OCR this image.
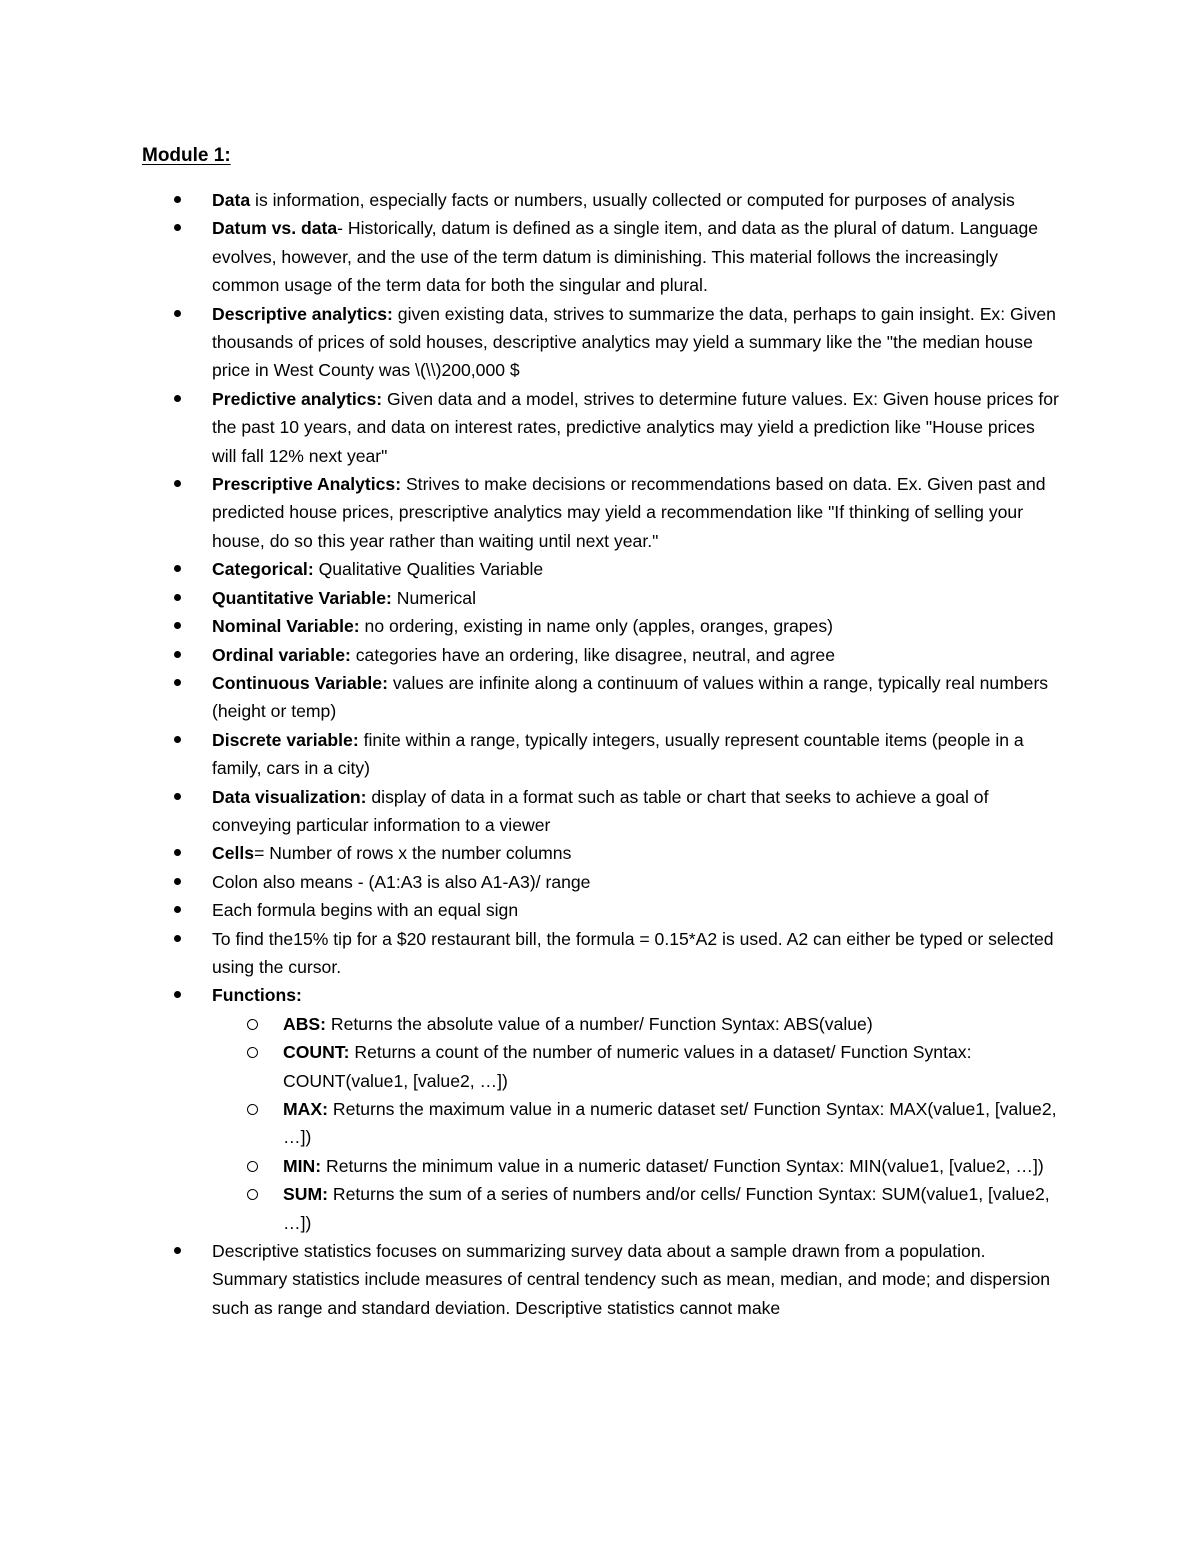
Module 1:
Data is information, especially facts or numbers, usually collected or computed for purposes of analysis
Datum vs. data- Historically, datum is defined as a single item, and data as the plural of datum. Language evolves, however, and the use of the term datum is diminishing. This material follows the increasingly common usage of the term data for both the singular and plural.
Descriptive analytics: given existing data, strives to summarize the data, perhaps to gain insight. Ex: Given thousands of prices of sold houses, descriptive analytics may yield a summary like the "the median house price in West County was \(\\)200,000 $
Predictive analytics: Given data and a model, strives to determine future values. Ex: Given house prices for the past 10 years, and data on interest rates, predictive analytics may yield a prediction like "House prices will fall 12% next year"
Prescriptive Analytics: Strives to make decisions or recommendations based on data. Ex. Given past and predicted house prices, prescriptive analytics may yield a recommendation like "If thinking of selling your house, do so this year rather than waiting until next year."
Categorical: Qualitative Qualities Variable
Quantitative Variable: Numerical
Nominal Variable: no ordering, existing in name only (apples, oranges, grapes)
Ordinal variable: categories have an ordering, like disagree, neutral, and agree
Continuous Variable: values are infinite along a continuum of values within a range, typically real numbers (height or temp)
Discrete variable: finite within a range, typically integers, usually represent countable items (people in a family, cars in a city)
Data visualization: display of data in a format such as table or chart that seeks to achieve a goal of conveying particular information to a viewer
Cells= Number of rows x the number columns
Colon also means - (A1:A3 is also A1-A3)/ range
Each formula begins with an equal sign
To find the15% tip for a $20 restaurant bill, the formula = 0.15*A2 is used. A2 can either be typed or selected using the cursor.
Functions:
ABS: Returns the absolute value of a number/ Function Syntax: ABS(value)
COUNT: Returns a count of the number of numeric values in a dataset/ Function Syntax: COUNT(value1, [value2, …])
MAX: Returns the maximum value in a numeric dataset set/ Function Syntax: MAX(value1, [value2, …])
MIN: Returns the minimum value in a numeric dataset/ Function Syntax: MIN(value1, [value2, …])
SUM: Returns the sum of a series of numbers and/or cells/ Function Syntax: SUM(value1, [value2, …])
Descriptive statistics focuses on summarizing survey data about a sample drawn from a population. Summary statistics include measures of central tendency such as mean, median, and mode; and dispersion such as range and standard deviation. Descriptive statistics cannot make
